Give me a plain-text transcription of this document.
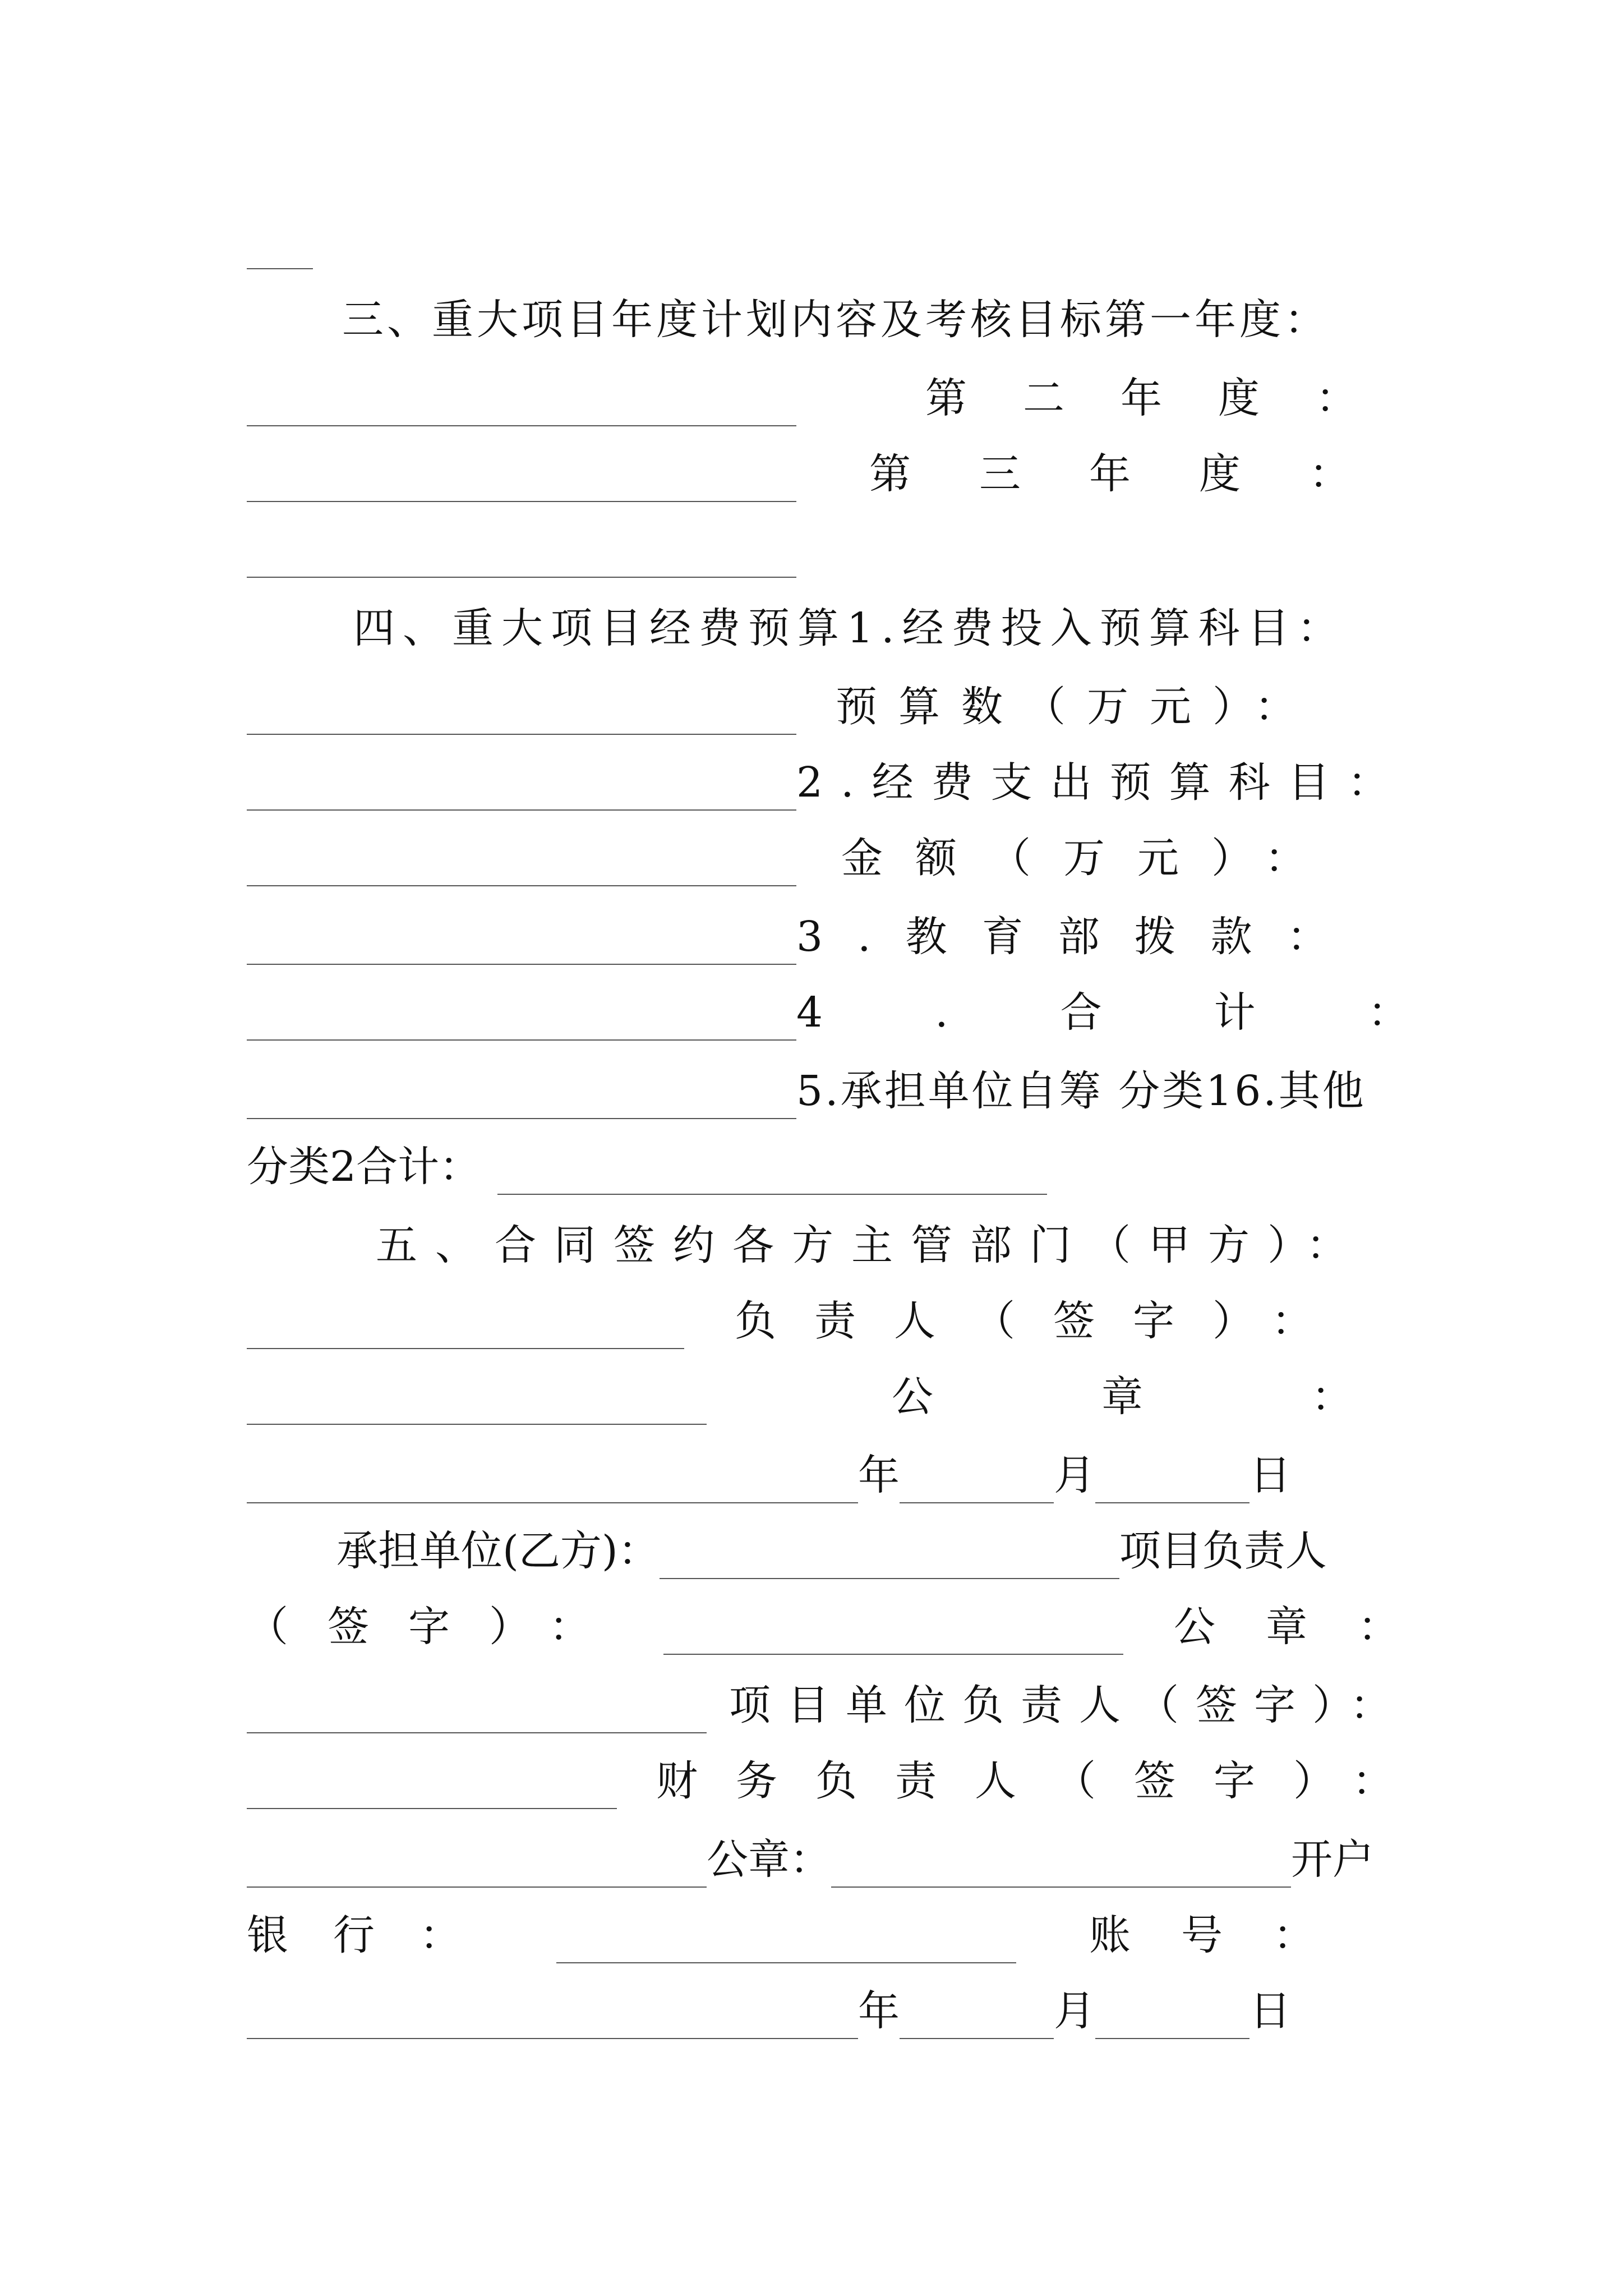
三、重大项目年度计划内容及考核目标第一年度：
第二年度：
第三年度：
四、重大项目经费预算1.经费投入预算科目：
预算数（万元）：
2.经费支出预算科目：
金额（万元）：
3.教育部拨款：
4.合计：
5.承担单位自筹 分类16.其他
分类2合计：
五、合同签约各方主管部门（甲方）：
负责人（签字）：
公章：
年	月	日
承担单位(乙方)：	项目负责人
（签字）：	公章：
项目单位负责人（签字）：
财务负责人（签字）：
公章：	开户
银行：	账号：
年	月	日
